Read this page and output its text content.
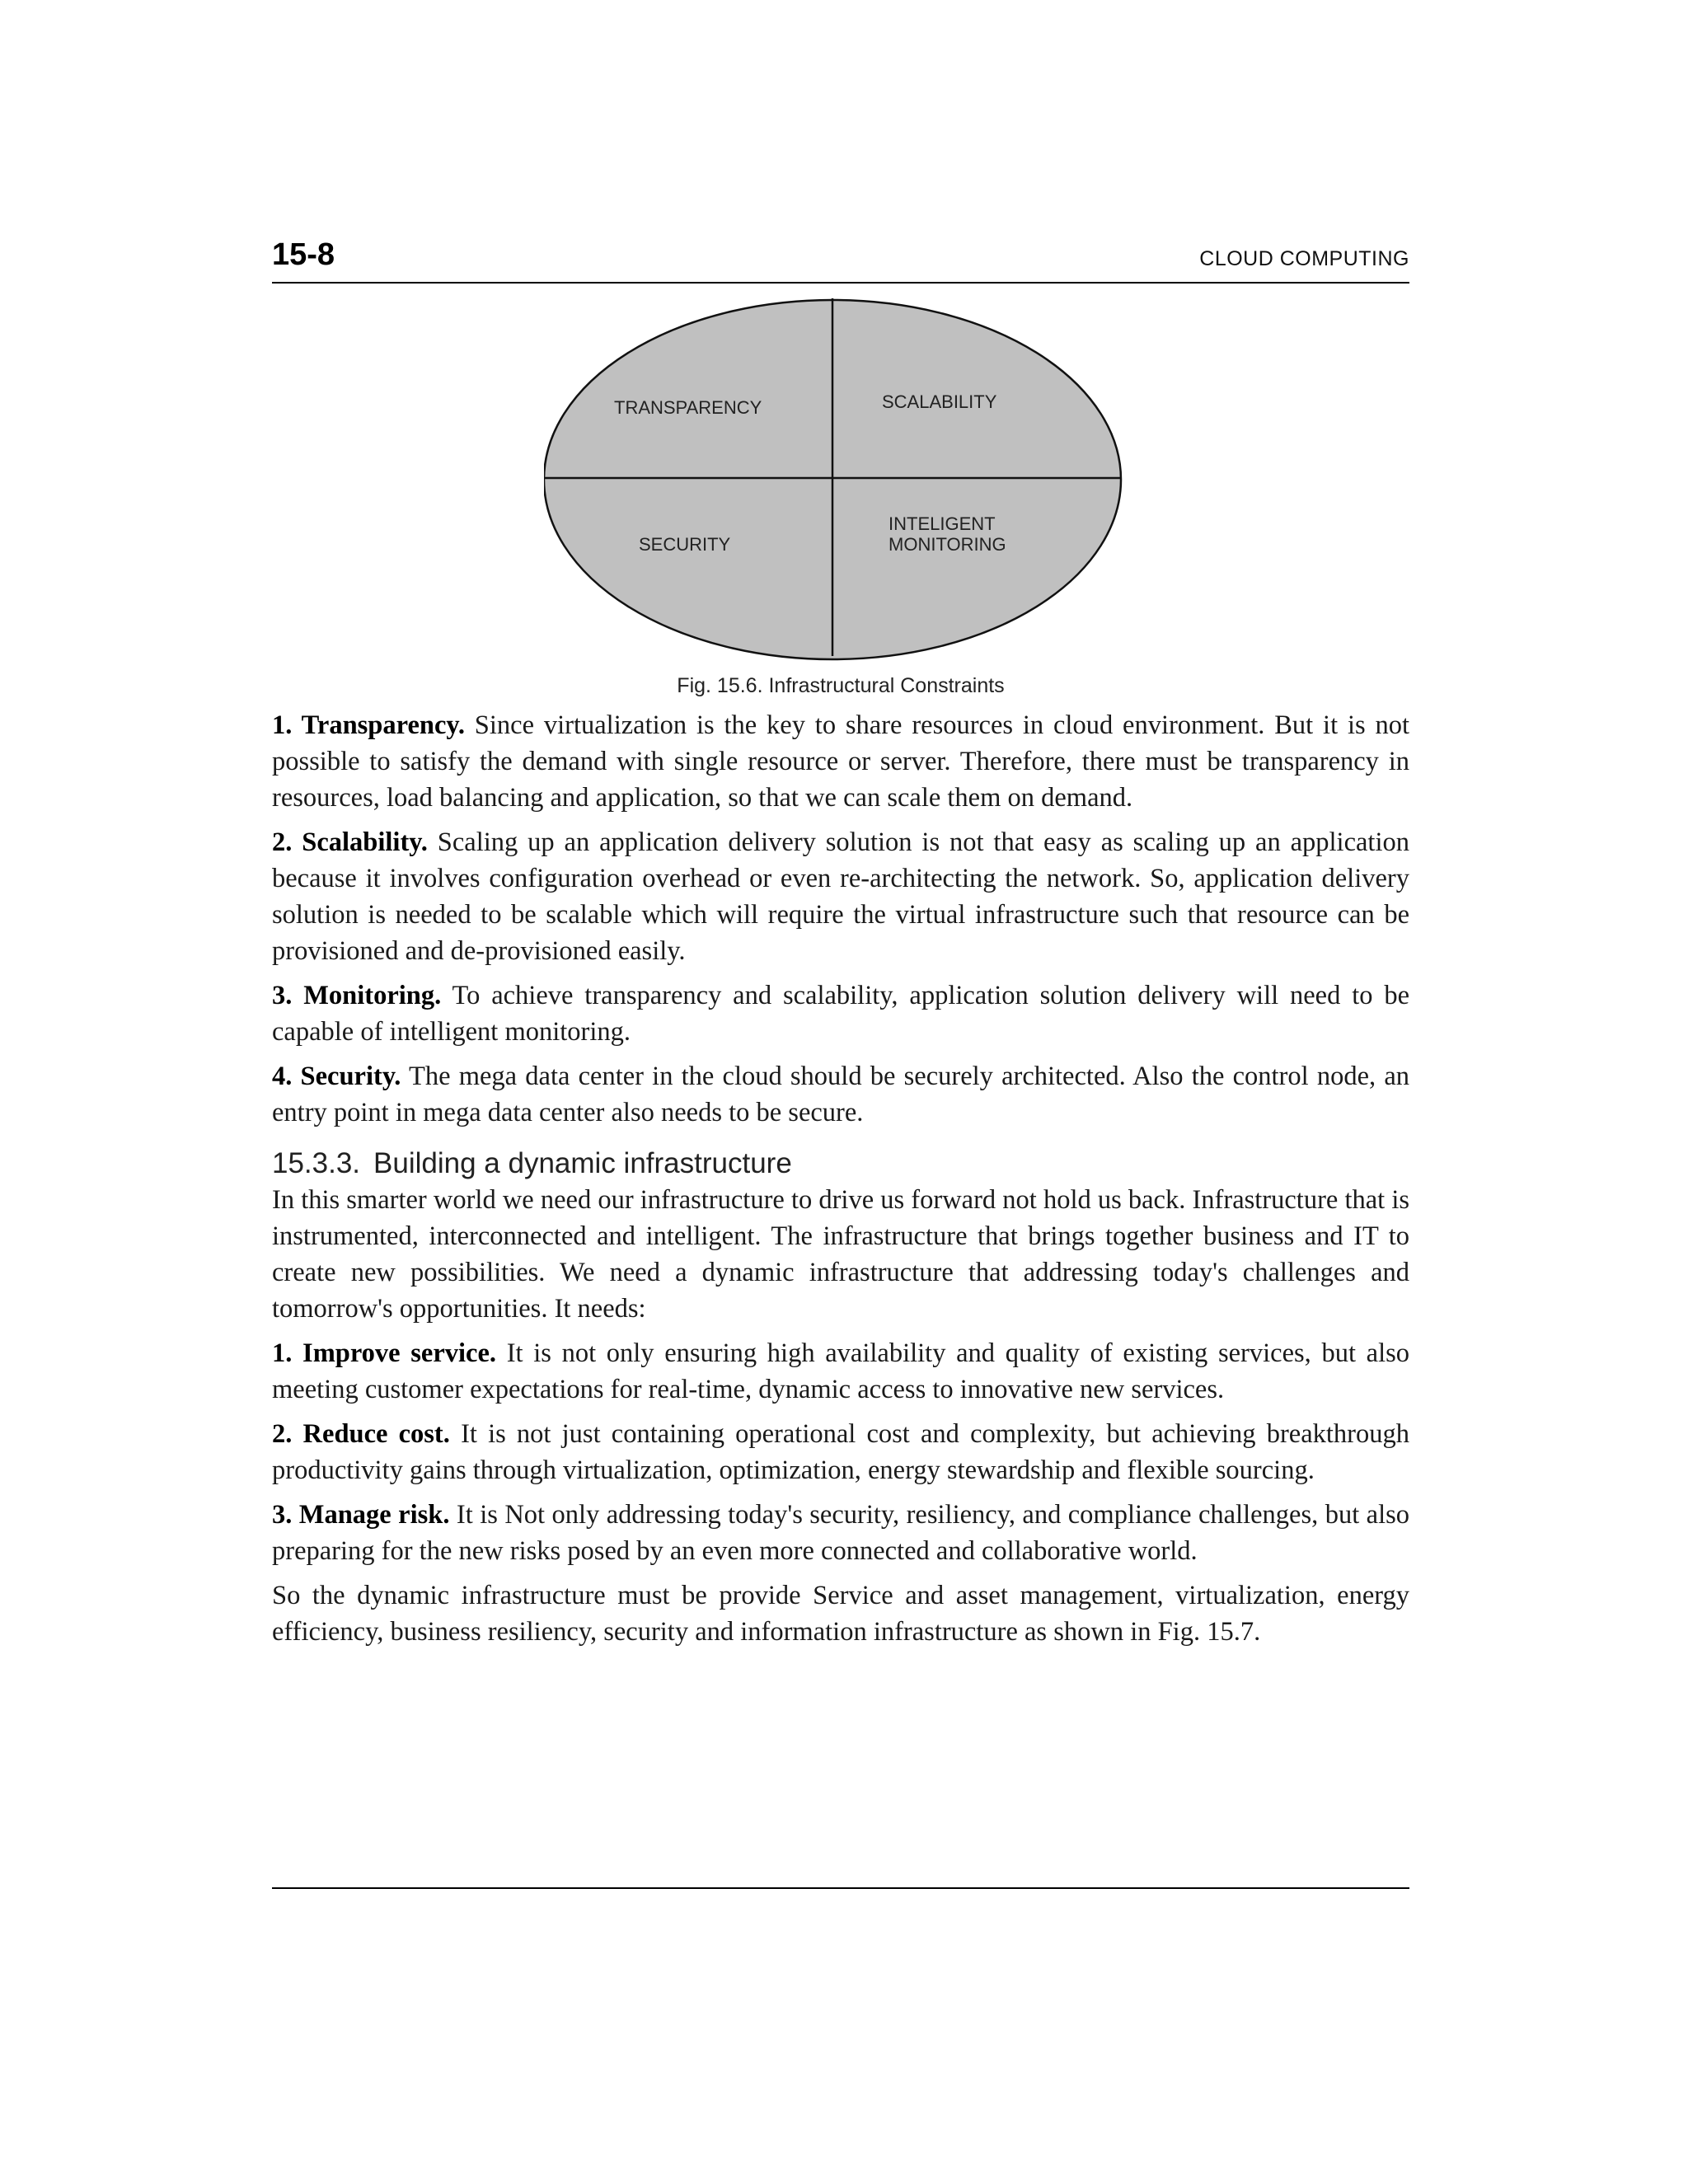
15-8	CLOUD COMPUTING
TRANSPARENCY	SCALABILITY
SECURITY
INTELIGENT
MONITORING
Fig. 15.6. Infrastructural Constraints

1. Transparency. Since virtualization is the key to share resources in cloud environment. But it is not possible to satisfy the demand with single resource or server. Therefore, there must be transparency in resources, load balancing and application, so that we can scale them on demand.

2. Scalability. Scaling up an application delivery solution is not that easy as scaling up an application because it involves configuration overhead or even re-architecting the network. So, application delivery solution is needed to be scalable which will require the virtual infrastructure such that resource can be provisioned and de-provisioned easily.

3. Monitoring. To achieve transparency and scalability, application solution delivery will need to be capable of intelligent monitoring.

4. Security. The mega data center in the cloud should be securely architected. Also the control node, an entry point in mega data center also needs to be secure.

15.3.3. Building a dynamic infrastructure

In this smarter world we need our infrastructure to drive us forward not hold us back. Infrastructure that is instrumented, interconnected and intelligent. The infrastructure that brings together business and IT to create new possibilities. We need a dynamic infrastructure that addressing today's challenges and tomorrow's opportunities. It needs:

1. Improve service. It is not only ensuring high availability and quality of existing services, but also meeting customer expectations for real-time, dynamic access to innovative new services.

2. Reduce cost. It is not just containing operational cost and complexity, but achieving breakthrough productivity gains through virtualization, optimization, energy stewardship and flexible sourcing.

3. Manage risk. It is Not only addressing today's security, resiliency, and compliance challenges, but also preparing for the new risks posed by an even more connected and collaborative world.

So the dynamic infrastructure must be provide Service and asset management, virtualization, energy efficiency, business resiliency, security and information infrastructure as shown in Fig. 15.7.
